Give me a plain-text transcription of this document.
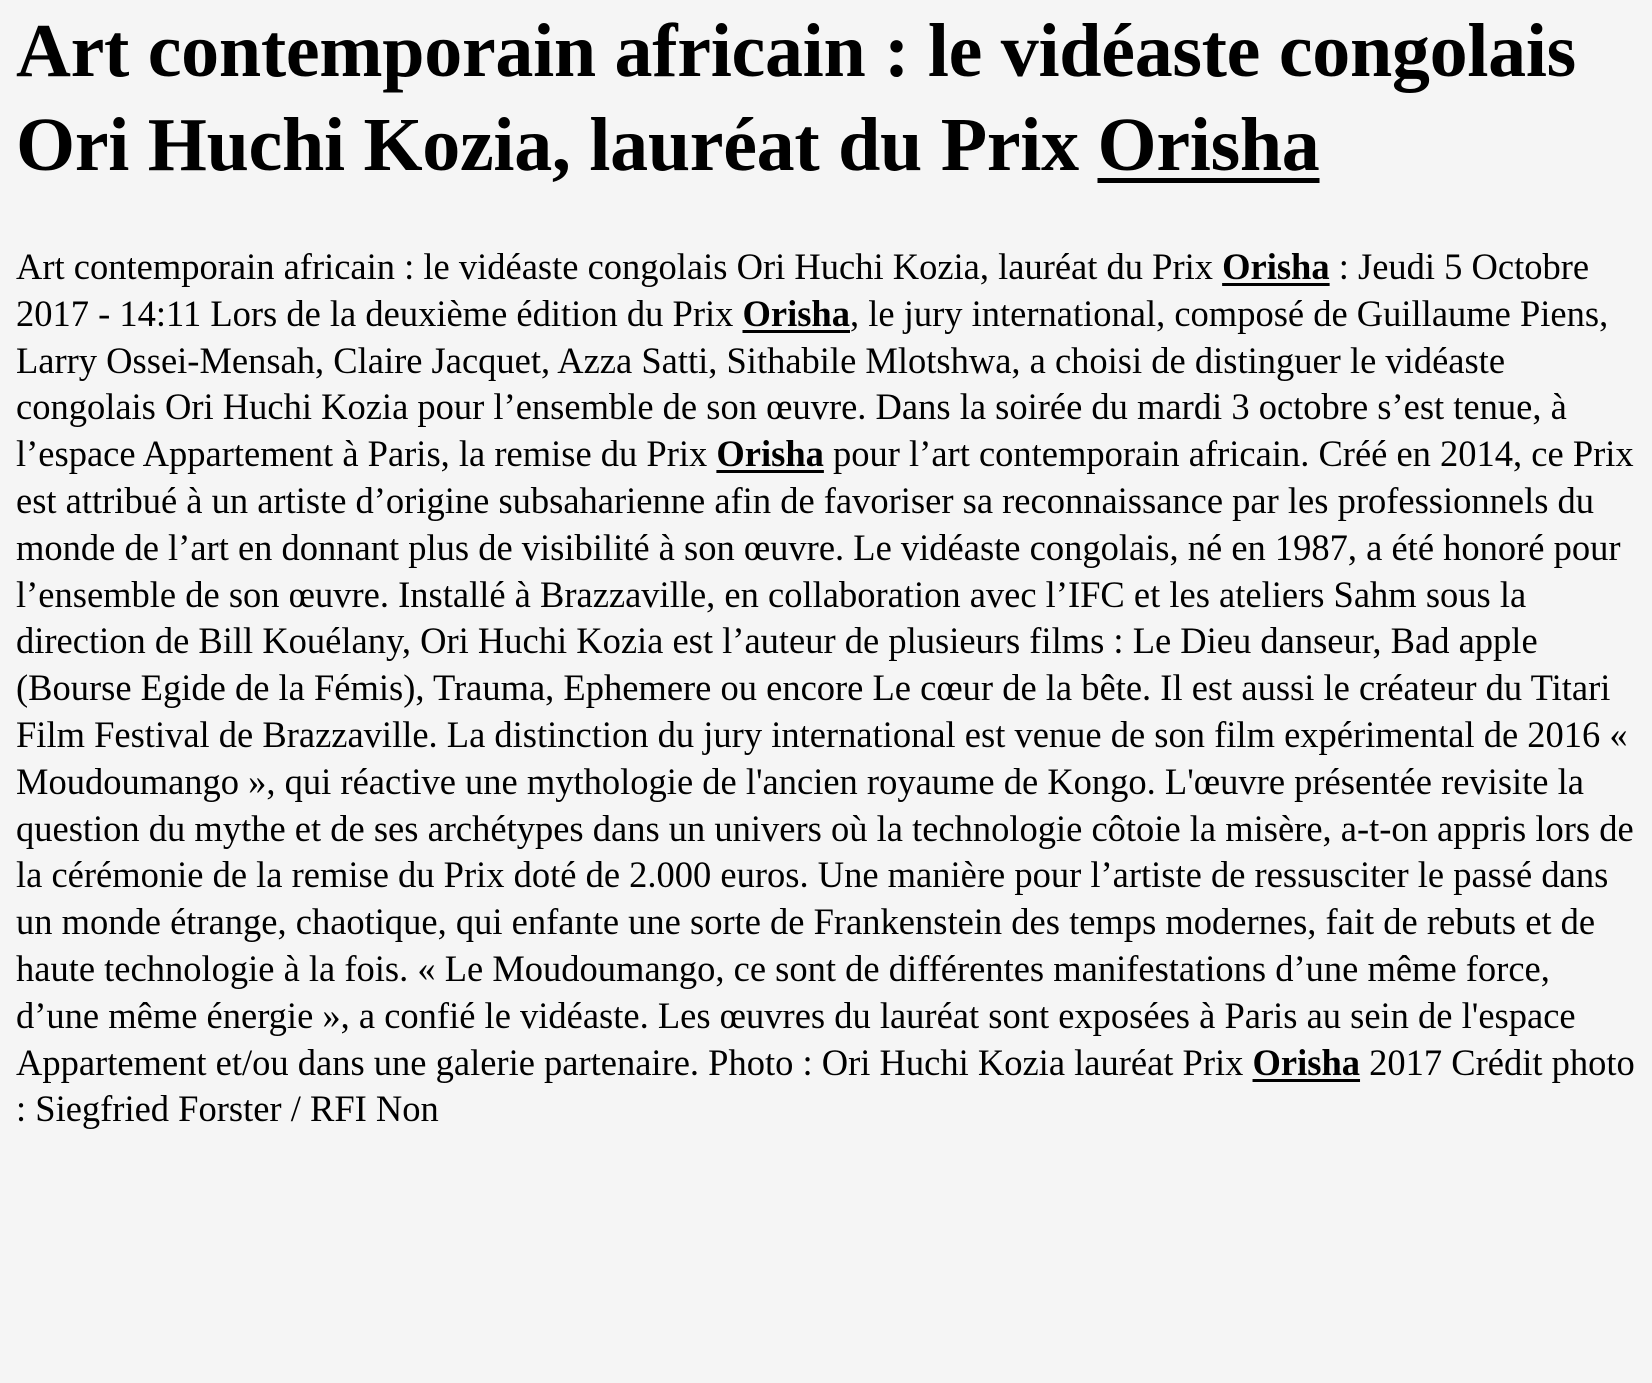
Art contemporain africain : le vidéaste congolais Ori Huchi Kozia, lauréat du Prix Orisha

Art contemporain africain : le vidéaste congolais Ori Huchi Kozia, lauréat du Prix Orisha : Jeudi 5 Octobre 2017 - 14:11 Lors de la deuxième édition du Prix Orisha, le jury international, composé de Guillaume Piens, Larry Ossei-Mensah, Claire Jacquet, Azza Satti, Sithabile Mlotshwa, a choisi de distinguer le vidéaste congolais Ori Huchi Kozia pour l’ensemble de son œuvre. Dans la soirée du mardi 3 octobre s’est tenue, à l’espace Appartement à Paris, la remise du Prix Orisha pour l’art contemporain africain. Créé en 2014, ce Prix est attribué à un artiste d’origine subsaharienne afin de favoriser sa reconnaissance par les professionnels du monde de l’art en donnant plus de visibilité à son œuvre. Le vidéaste congolais, né en 1987, a été honoré pour l’ensemble de son œuvre. Installé à Brazzaville, en collaboration avec l’IFC et les ateliers Sahm sous la direction de Bill Kouélany, Ori Huchi Kozia est l’auteur de plusieurs films : Le Dieu danseur, Bad apple (Bourse Egide de la Fémis), Trauma, Ephemere ou encore Le cœur de la bête. Il est aussi le créateur du Titari Film Festival de Brazzaville. La distinction du jury international est venue de son film expérimental de 2016 « Moudoumango », qui réactive une mythologie de l'ancien royaume de Kongo. L'œuvre présentée revisite la question du mythe et de ses archétypes dans un univers où la technologie côtoie la misère, a-t-on appris lors de la cérémonie de la remise du Prix doté de 2.000 euros. Une manière pour l’artiste de ressusciter le passé dans un monde étrange, chaotique, qui enfante une sorte de Frankenstein des temps modernes, fait de rebuts et de haute technologie à la fois. « Le Moudoumango, ce sont de différentes manifestations d’une même force, d’une même énergie », a confié le vidéaste. Les œuvres du lauréat sont exposées à Paris au sein de l'espace Appartement et/ou dans une galerie partenaire. Photo : Ori Huchi Kozia lauréat Prix Orisha 2017 Crédit photo : Siegfried Forster / RFI Non
